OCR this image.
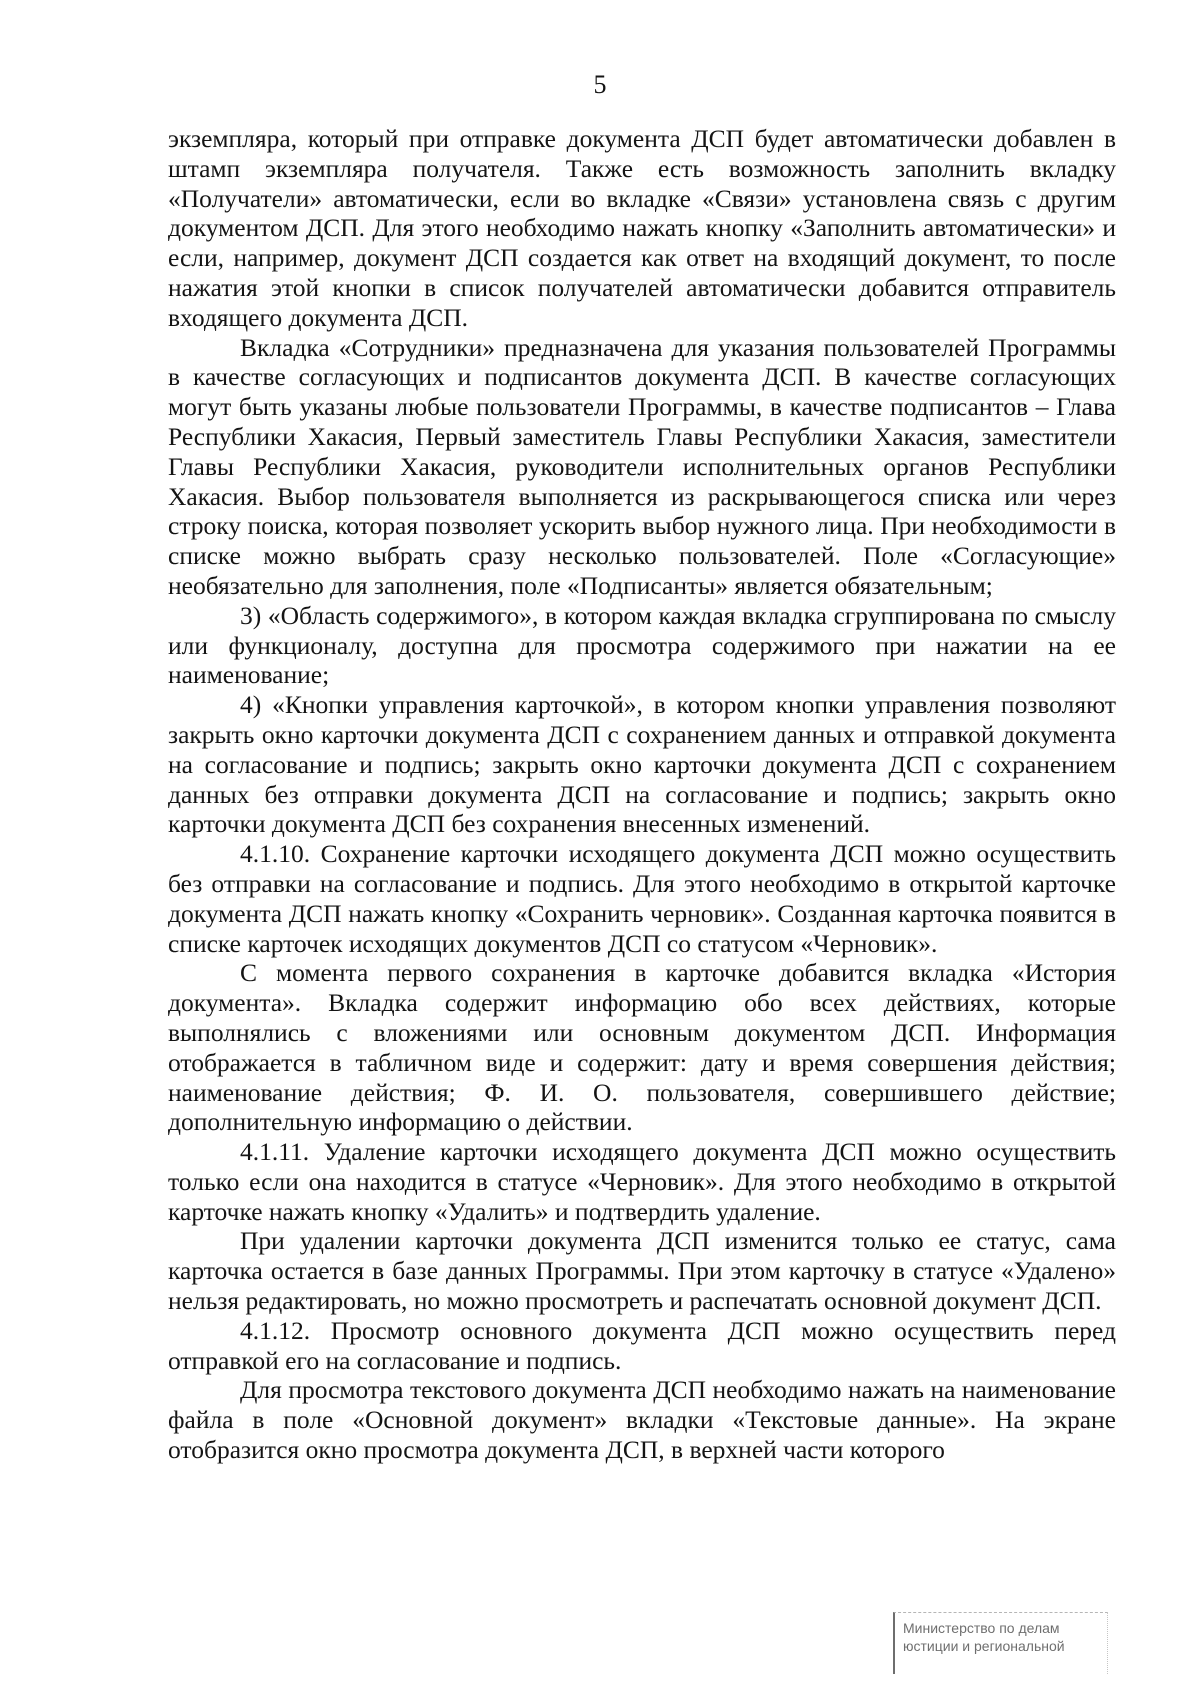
5

экземпляра, который при отправке документа ДСП будет автоматически добавлен в штамп экземпляра получателя. Также есть возможность заполнить вкладку «Получатели» автоматически, если во вкладке «Связи» установлена связь с другим документом ДСП. Для этого необходимо нажать кнопку «Заполнить автоматически» и если, например, документ ДСП создается как ответ на входящий документ, то после нажатия этой кнопки в список получателей автоматически добавится отправитель входящего документа ДСП.

Вкладка «Сотрудники» предназначена для указания пользователей Программы в качестве согласующих и подписантов документа ДСП. В качестве согласующих могут быть указаны любые пользователи Программы, в качестве подписантов – Глава Республики Хакасия, Первый заместитель Главы Республики Хакасия, заместители Главы Республики Хакасия, руководители исполнительных органов Республики Хакасия. Выбор пользователя выполняется из раскрывающегося списка или через строку поиска, которая позволяет ускорить выбор нужного лица. При необходимости в списке можно выбрать сразу несколько пользователей. Поле «Согласующие» необязательно для заполнения, поле «Подписанты» является обязательным;

3) «Область содержимого», в котором каждая вкладка сгруппирована по смыслу или функционалу, доступна для просмотра содержимого при нажатии на ее наименование;

4) «Кнопки управления карточкой», в котором кнопки управления позволяют закрыть окно карточки документа ДСП с сохранением данных и отправкой документа на согласование и подпись; закрыть окно карточки документа ДСП с сохранением данных без отправки документа ДСП на согласование и подпись; закрыть окно карточки документа ДСП без сохранения внесенных изменений.

4.1.10. Сохранение карточки исходящего документа ДСП можно осуществить без отправки на согласование и подпись. Для этого необходимо в открытой карточке документа ДСП нажать кнопку «Сохранить черновик». Созданная карточка появится в списке карточек исходящих документов ДСП со статусом «Черновик».

С момента первого сохранения в карточке добавится вкладка «История документа». Вкладка содержит информацию обо всех действиях, которые выполнялись с вложениями или основным документом ДСП. Информация отображается в табличном виде и содержит: дату и время совершения действия; наименование действия; Ф. И. О. пользователя, совершившего действие; дополнительную информацию о действии.

4.1.11. Удаление карточки исходящего документа ДСП можно осуществить только если она находится в статусе «Черновик». Для этого необходимо в открытой карточке нажать кнопку «Удалить» и подтвердить удаление.

При удалении карточки документа ДСП изменится только ее статус, сама карточка остается в базе данных Программы. При этом карточку в статусе «Удалено» нельзя редактировать, но можно просмотреть и распечатать основной документ ДСП.

4.1.12. Просмотр основного документа ДСП можно осуществить перед отправкой его на согласование и подпись.

Для просмотра текстового документа ДСП необходимо нажать на наименование файла в поле «Основной документ» вкладки «Текстовые данные». На экране отобразится окно просмотра документа ДСП, в верхней части которого

Министерство по делам
юстиции и региональной
